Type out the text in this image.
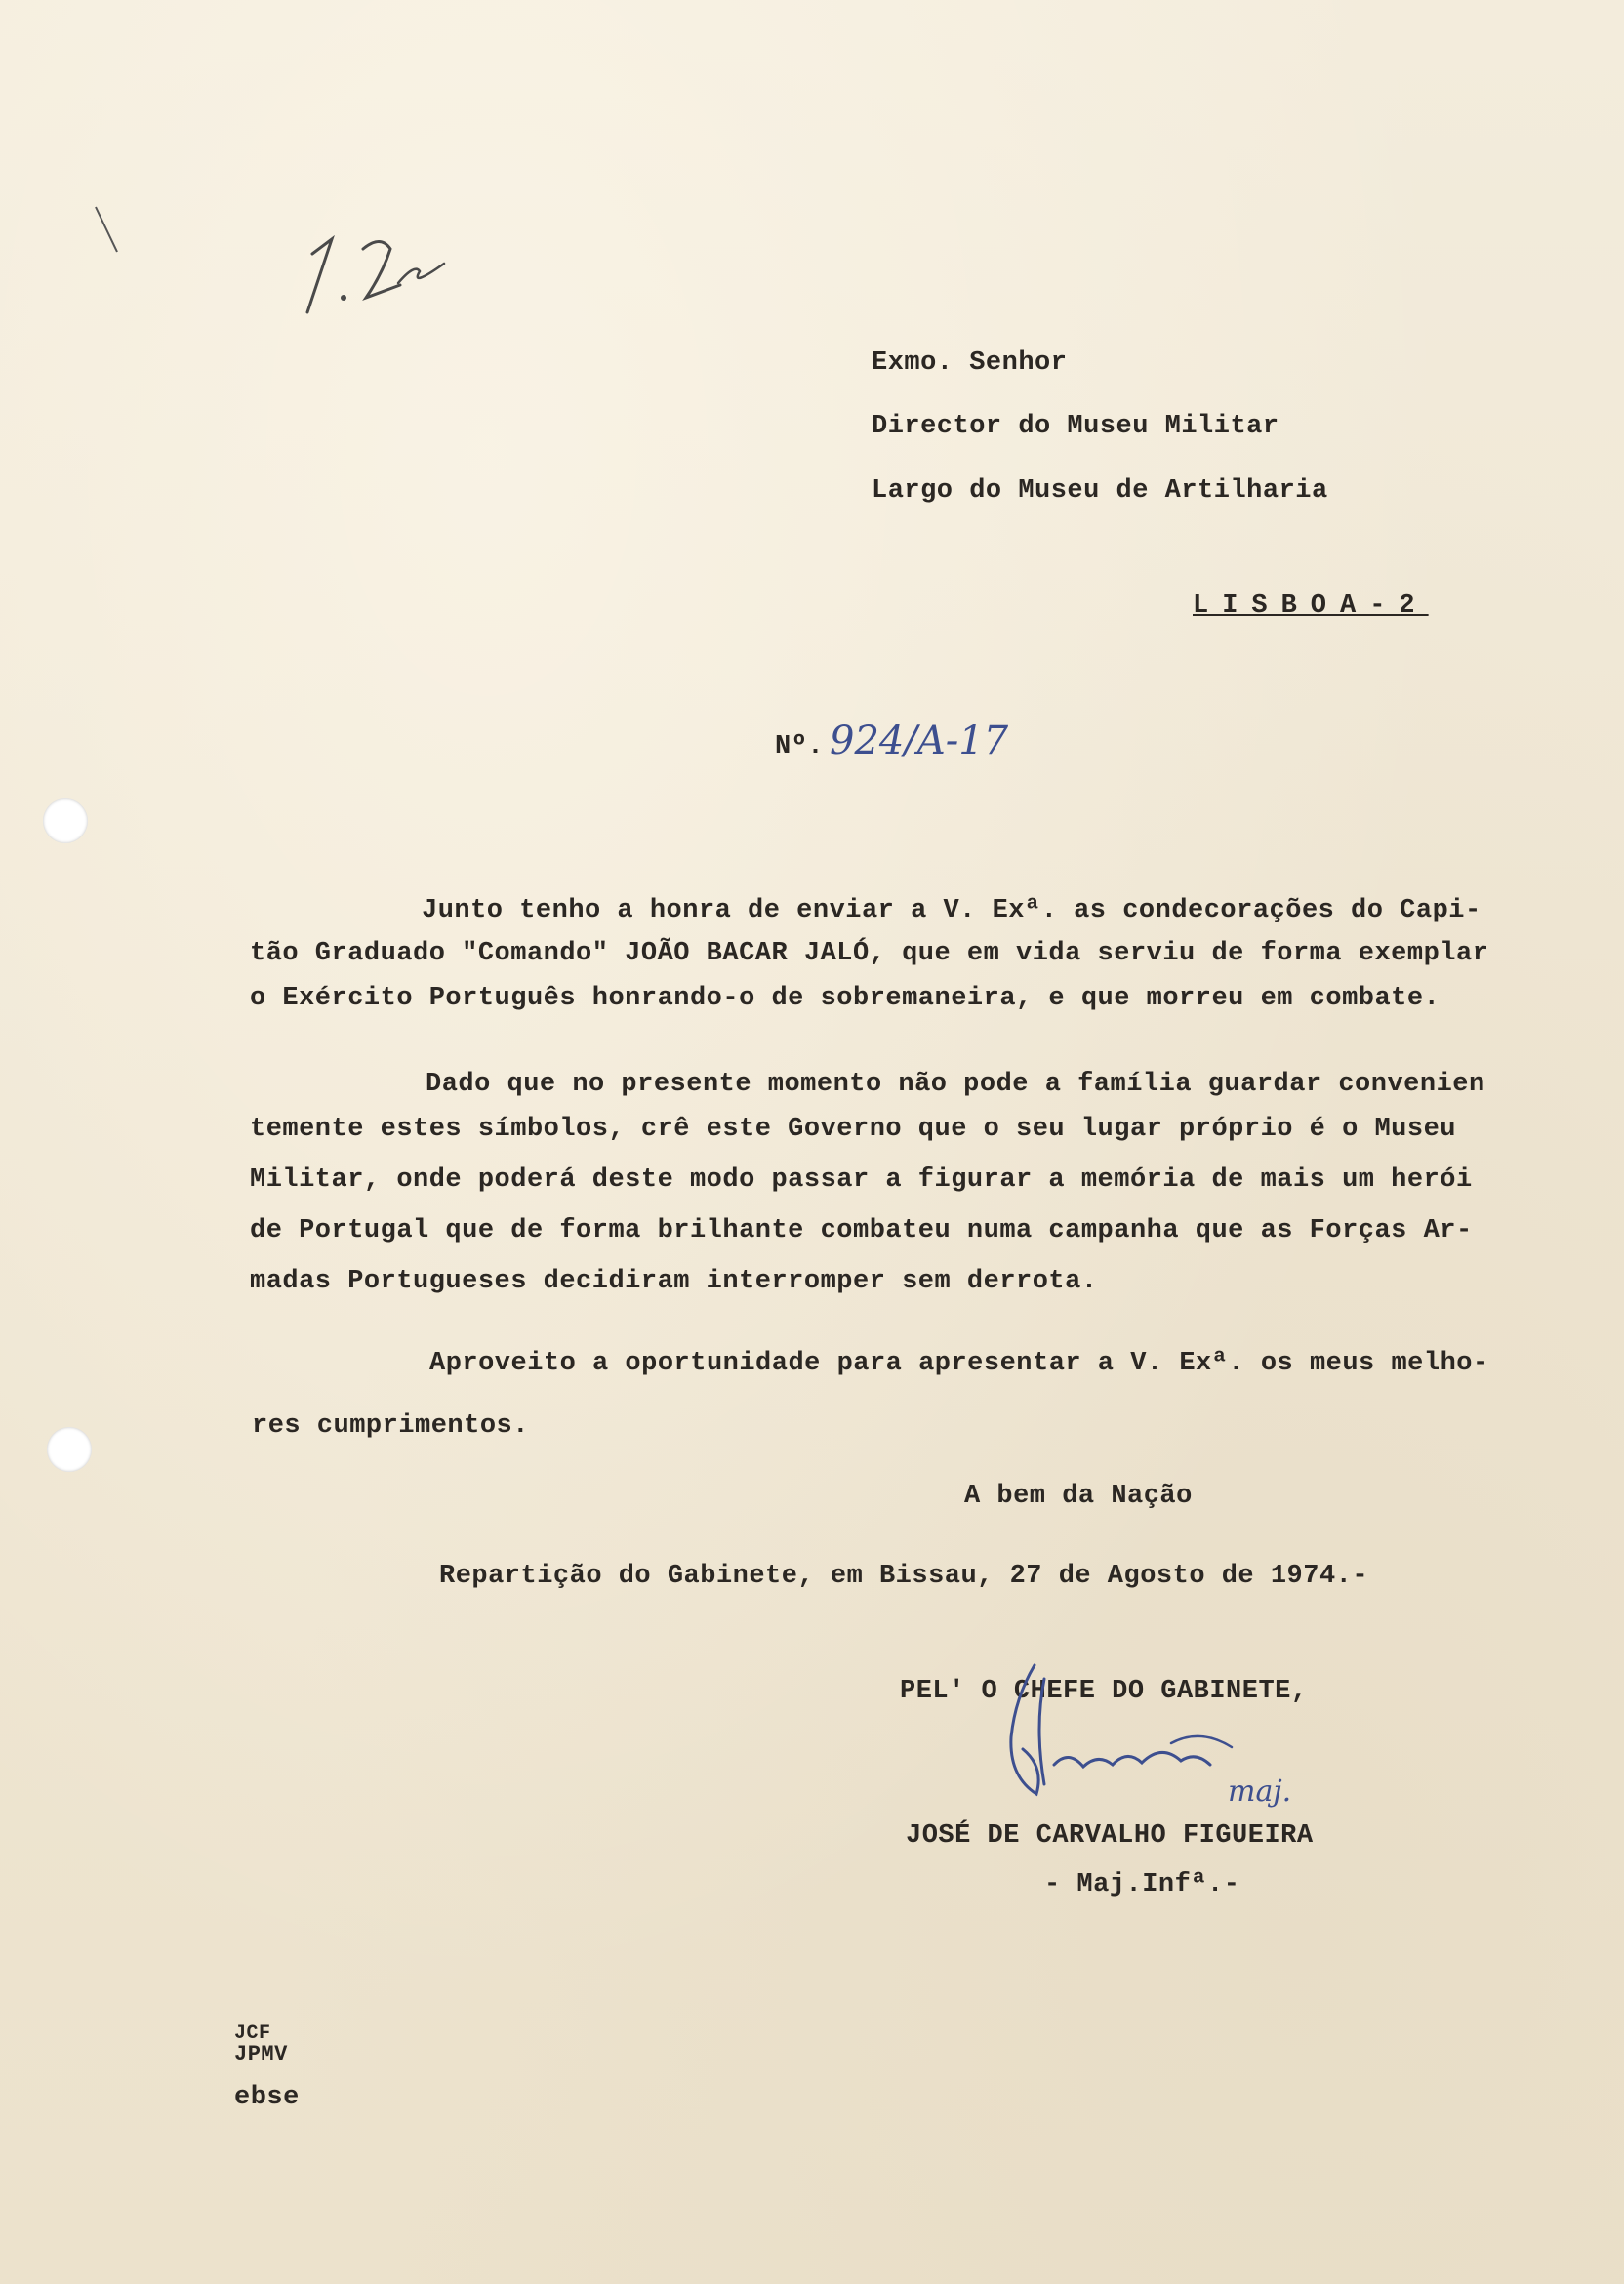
Exmo. Senhor
Director do Museu Militar
Largo do Museu de Artilharia
LISBOA-2
Nº. 924/A-17
Junto tenho a honra de enviar a V. Exª. as condecorações do Capi-
tão Graduado "Comando" JOÃO BACAR JALÓ, que em vida serviu de forma exemplar
o Exército Português honrando-o de sobremaneira, e que morreu em combate.
Dado que no presente momento não pode a família guardar convenien
temente estes símbolos, crê este Governo que o seu lugar próprio é o Museu
Militar, onde poderá deste modo passar a figurar a memória de mais um herói
de Portugal que de forma brilhante combateu numa campanha que as Forças Ar-
madas Portugueses decidiram interromper sem derrota.
Aproveito a oportunidade para apresentar a V. Exª. os meus melho-
res cumprimentos.
A bem da Nação
Repartição do Gabinete, em Bissau, 27 de Agosto de 1974.-
PEL' O CHEFE DO GABINETE,
maj.
JOSÉ DE CARVALHO FIGUEIRA
- Maj.Infª.-
JCF
JPMV
ebse
